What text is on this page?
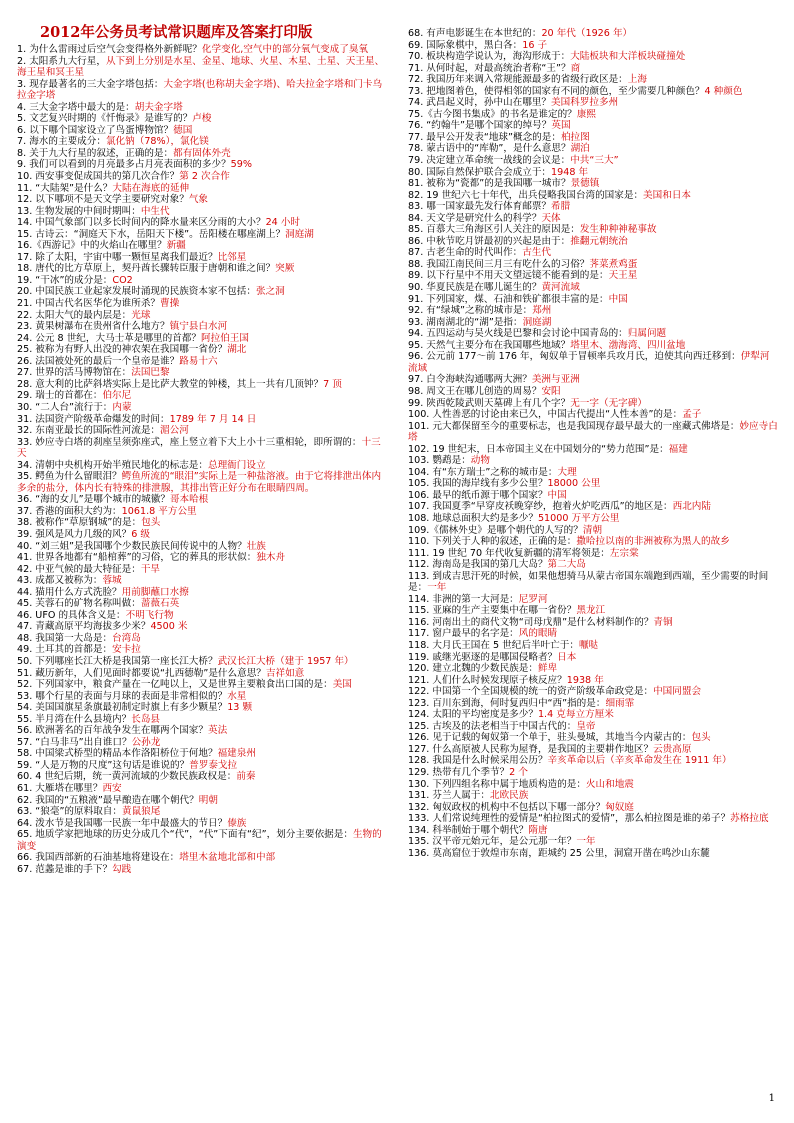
2012年公务员考试常识题库及答案打印版

1. 为什么雷雨过后空气会变得格外新鲜呢？化学变化,空气中的部分氧气变成了臭氧

2. 太阳系九大行星，从下到上分别是水星、金星、地球、火星、木星、土星、天王星、海王星和冥王星

3. 现存最著名的三大金字塔包括：大金字塔(也称胡夫金字塔)、哈夫拉金字塔和门卡乌拉金字塔

4. 三大金字塔中最大的是：胡夫金字塔

5. 文艺复兴时期的《忏悔录》是谁写的？卢梭

6. 以下哪个国家设立了鸟蛋博物馆？德国

7. 海水的主要成分：氯化钠（78%），氯化镁

8. 关于九大行星的叙述，正确的是：都有固体外壳

9. 我们可以看到的月亮最多占月亮表面积的多少？59%

10. 西安事变促成国共的第几次合作？第 2 次合作

11. “大陆架”是什么？大陆在海底的延伸

12. 以下哪项不是天文学主要研究对象？气象

13. 生物发展的中间时期叫：中生代

14. 中国气象部门以多长时间内的降水量来区分雨的大小？24 小时

15. 古诗云：“洞庭天下水，岳阳天下楼”。岳阳楼在哪座湖上？洞庭湖

16.《西游记》中的火焰山在哪里？新疆

17. 除了太阳，宇宙中哪一颗恒星离我们最近？比邻星

18. 唐代的比方草原上，契丹酋长骤转臣服于唐朝和谁之间？突厥

19. “干冰”的成分是：CO2

20. 中国民族工业起家发展时涌现的民族资本家不包括：张之洞

21. 中国古代名医华佗为谁所杀？曹操

22. 太阳大气的最内层是：光球

23. 黄果树瀑布在贵州省什么地方？镇宁县白水河

24. 公元 8 世纪，大马士革是哪里的首都？阿拉伯王国

25. 被称为有野人出没的神农架在我国哪一省份？湖北

26. 法国被处死的最后一个皇帝是谁？路易十六

27. 世界的活马博物馆在：法国巴黎

28. 意大利的比萨斜塔实际上是比萨大教堂的钟楼，其上一共有几顶钟？7 顶

29. 瑞士的首都在：伯尔尼

30. “二人台”流行于：内蒙

31. 法国资产阶级革命爆发的时间：1789 年 7 月 14 日

32. 东南亚最长的国际性河流是：湄公河

33. 妙应寺白塔的刹座呈须弥座式，座上竖立着下大上小十三重相轮，即所谓的：十三天

34. 清朝中央机构开始半殖民地化的标志是：总理衙门设立

35. 鳄鱼为什么留眼泪？鳄鱼所流的“眼泪”实际上是一种盐溶液。由于它将排泄出体内多余的盐分，体内长有特殊的排泄腺，其排出管正好分布在眼睛四周。

36. “海的女儿”是哪个城市的城徽？哥本哈根

37. 香港的面积大约为：1061.8 平方公里

38. 被称作“草原钢城”的是：包头

39. 强风是风力几级的风？6 级

40. “刘三姐”是我国哪个少数民族民间传说中的人物？壮族

41. 世界各地都有“船棺葬”的习俗，它的葬具的形状似：独木舟

42. 中亚气候的最大特征是：干旱

43. 成都又被称为：蓉城

44. 猫用什么方式洗脸？用前脚蘸口水擦

45. 芙蓉石的矿物名称叫做：蔷薇石英

46. UFO 的具体含义是：不明飞行物

47. 青藏高原平均海拔多少米？4500 米

48. 我国第一大岛是：台湾岛

49. 土耳其的首都是：安卡拉

50. 下列哪座长江大桥是我国第一座长江大桥？武汉长江大桥（建于 1957 年）

51. 藏历新年，人们见面时都要说“扎西德勒”是什么意思？吉祥如意

52. 下列国家中，粮食产量在一亿吨以上，又是世界主要粮食出口国的是：美国

53. 哪个行星的表面与月球的表面是非常相似的？水星

54. 美国国旗星条旗最初制定时旗上有多少颗星？13 颗

55. 半月湾在什么县境内？长岛县

56. 欧洲著名的百年战争发生在哪两个国家？英法

57. “白马非马”出自谁口？公孙龙

58. 中国梁式桥型的精品本作洛阳桥位于何地？福建泉州

59. “人是万物的尺度”这句话是谁说的？普罗泰戈拉

60. 4 世纪后期，统一黄河流域的少数民族政权是：前秦

61. 大雁塔在哪里？西安

62. 我国的“五粮液”最早酿造在哪个朝代？明朝

63. “狼毫”的原料取自：黄鼠狼尾

64. 泼水节是我国哪一民族一年中最盛大的节日？傣族

65. 地质学家把地球的历史分成几个“代”，“代”下面有“纪”，划分主要依据是：生物的演变

66. 我国西部新的石油基地将建设在：塔里木盆地北部和中部

67. 范蠡是谁的手下？勾践

68. 有声电影诞生在本世纪的：20 年代（1926 年）

69. 国际象棋中，黑白各：16 子

70. 板块构造学说认为，海沟形成于：大陆板块和大洋板块碰撞处

71. 从何时起，对最高统治者称“王”？商

72. 我国历年来调入常规能源最多的省级行政区是：上海

73. 把地图着色，使得相邻的国家有不同的颜色，至少需要几种颜色？4 种颜色

74. 武昌起义时，孙中山在哪里？美国科罗拉多州

75.《古今图书集成》的书名是谁定的？康熙

76. “约翰牛”是哪个国家的绰号？英国

77. 最早公开发表“地球”概念的是：柏拉图

78. 蒙古语中的“库勒”，是什么意思？湖泊

79. 决定建立革命统一战线的会议是：中共“三大”

80. 国际自然保护联合会成立于：1948 年

81. 被称为“瓷都”的是我国哪一城市？景德镇

82. 19 世纪六七十年代，出兵侵略我国台湾的国家是：美国和日本

83. 哪一国家最先发行体育邮票？希腊

84. 天文学是研究什么的科学？天体

85. 百慕大三角海区引人关注的原因是：发生种种神秘事故

86. 中秋节吃月饼最初的兴起是由于：推翻元朝统治

87. 古老生命的时代叫作：古生代

88. 我国江南民间三月三有吃什么的习俗？荠菜煮鸡蛋

89. 以下行星中不用天文望远镜不能看到的是：天王星

90. 华夏民族是在哪儿诞生的？黄河流域

91. 下列国家，煤、石油和铁矿都很丰富的是：中国

92. 有“绿城”之称的城市是：郑州

93. 湖南湖北的“湖”是指：洞庭湖

94. 五四运动与吴火线是巴黎和会讨论中国青岛的：归属问题

95. 天然气主要分布在我国哪些地域？塔里木、渤海湾、四川盆地

96. 公元前 177～前 176 年，匈奴单于冒顿率兵攻月氏，迫使其向西迁移到：伊犁河流域

97. 白令海峡沟通哪两大洲？美洲与亚洲

98. 周文王在哪儿创造的周易？安阳

99. 陕西乾陵武则天墓碑上有几个字？无一字（无字碑）

100. 人性善恶的讨论由来已久，中国古代提出“人性本善”的是：孟子

101. 元大都保留至今的重要标志，也是我国现存最早最大的一座藏式佛塔是：妙应寺白塔

102. 19 世纪末，日本帝国主义在中国划分的“势力范围”是：福建

103. 鹦鹉是：动物

104. 有“东方瑞士”之称的城市是：大理

105. 我国的海岸线有多少公里？18000 公里

106. 最早的纸币源于哪个国家？中国

107. 我国夏季“早穿皮袄晚穿纱，抱着火炉吃西瓜”的地区是：西北内陆

108. 地球总面积大约是多少？51000 万平方公里

109.《儒林外史》是哪个朝代的人写的？清朝

110. 下列关于人种的叙述，正确的是：撒哈拉以南的非洲被称为黑人的故乡

111. 19 世纪 70 年代收复新疆的清军将领是：左宗棠

112. 海南岛是我国的第几大岛？第二大岛

113. 到成吉思汗死的时候，如果他想骑马从蒙古帝国东端跑到西端，至少需要的时间是：一年

114. 非洲的第一大河是：尼罗河

115. 亚麻的生产主要集中在哪一省份？黑龙江

116. 河南出土的商代文物“司母戊鼎”是什么材料制作的？青铜

117. 窗户最早的名字是：风的眼睛

118. 大月氏王国在 5 世纪后半叶亡于：嚈哒

119. 戚继光驱逐的是哪国侵略者？日本

120. 建立北魏的少数民族是：鲜卑

121. 人们什么时候发现原子核反应？1938 年

122. 中国第一个全国规模的统一的资产阶级革命政党是：中国同盟会

123. 百川东到海，何时复西归中“西”指的是：细雨霏

124. 太阳的平均密度是多少？1.4 克每立方厘米

125. 古埃及的法老相当于中国古代的：皇帝

126. 见于记载的匈奴第一个单于，驻头曼城，其地当今内蒙古的：包头

127. 什么高原被人民称为屋脊，是我国的主要耕作地区？云贵高原

128. 我国是什么时候采用公历？辛亥革命以后（辛亥革命发生在 1911 年）

129. 热带有几个季节？2 个

130. 下列四组名称中属于地质构造的是：火山和地震

131. 芬兰人属于：北欧民族

132. 匈奴政权的机构中不包括以下哪一部分？匈奴庭

133. 人们常说纯理性的爱情是“柏拉图式的爱情”，那么柏拉图是谁的弟子？苏格拉底

134. 科举制始于哪个朝代？隋唐

135. 汉平帝元始元年，是公元那一年？一年

136. 莫高窟位于敦煌市东南，距城约 25 公里，洞窟开凿在鸣沙山东麓

1
